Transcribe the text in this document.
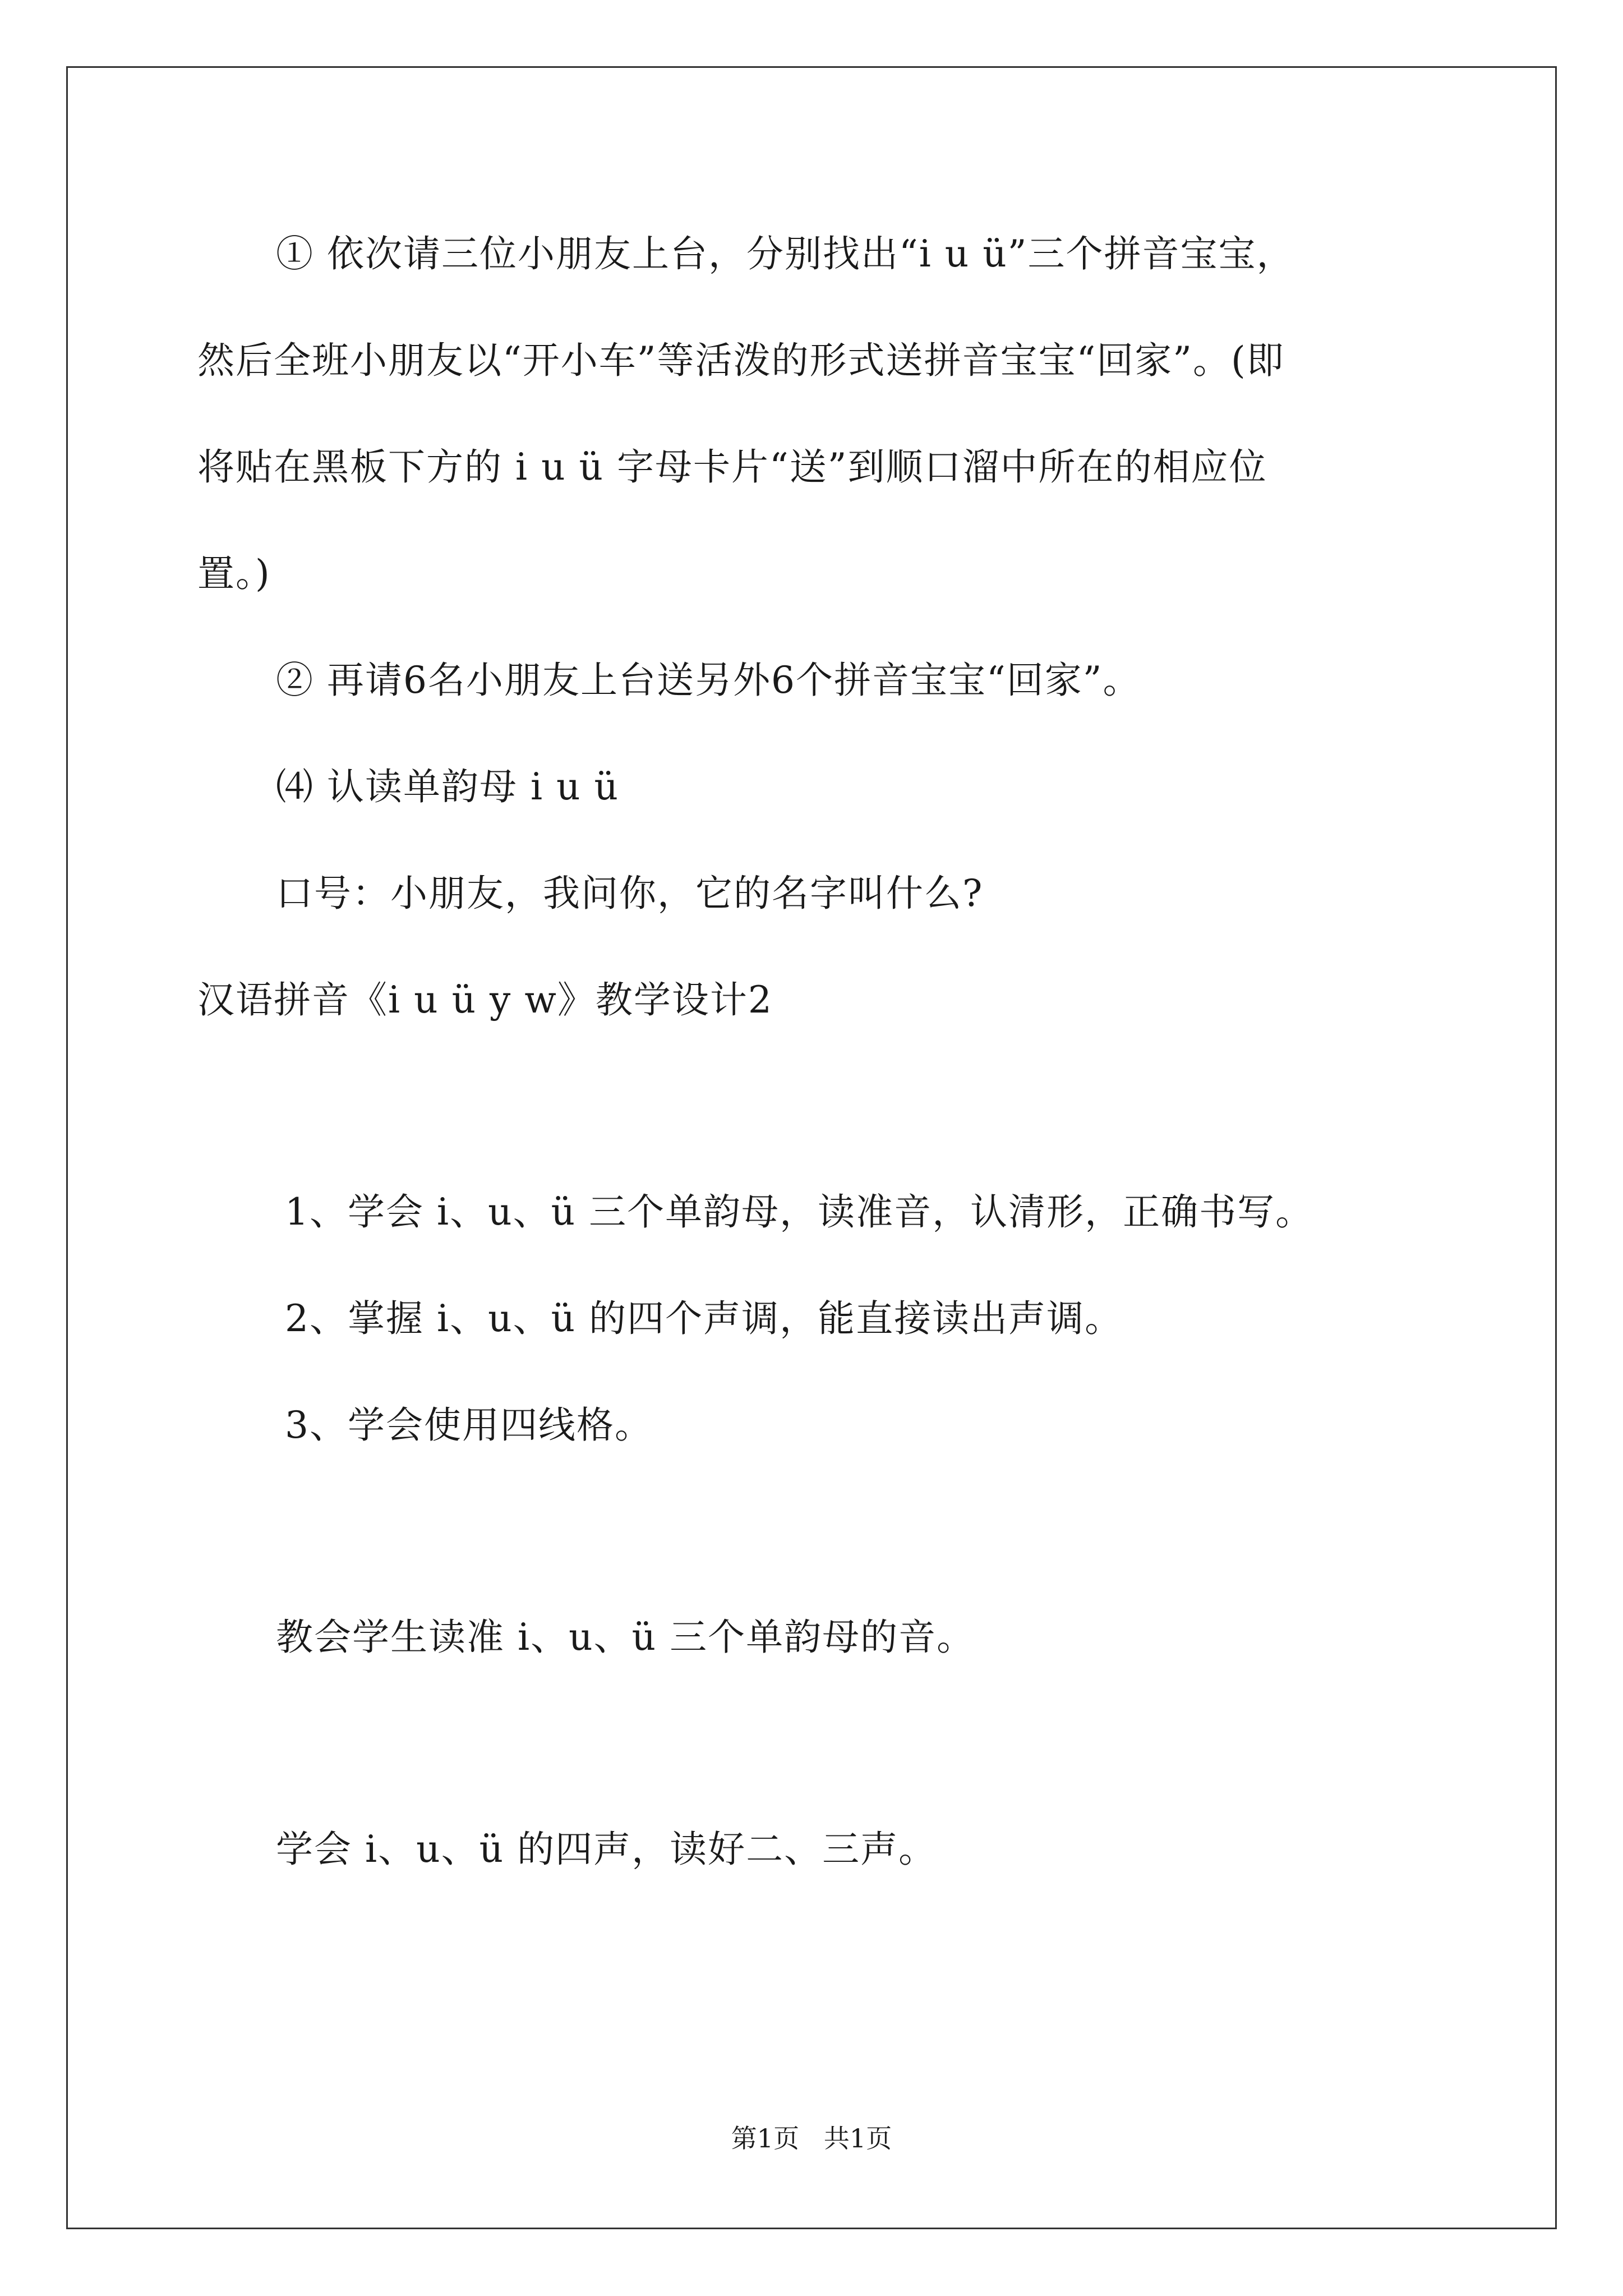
① 依次请三位小朋友上台，分别找出“i u ü”三个拼音宝宝，
然后全班小朋友以“开小车”等活泼的形式送拼音宝宝“回家”。(即
将贴在黑板下方的 i u ü 字母卡片“送”到顺口溜中所在的相应位
置。)
② 再请6名小朋友上台送另外6个拼音宝宝“回家”。
⑷ 认读单韵母 i u ü
口号：小朋友，我问你，它的名字叫什么?
汉语拼音《i u ü y w》教学设计2
1、学会 i、u、ü 三个单韵母，读准音，认清形，正确书写。
2、掌握 i、u、ü 的四个声调，能直接读出声调。
3、学会使用四线格。
教会学生读准 i、u、ü 三个单韵母的音。
学会 i、u、ü 的四声，读好二、三声。
第1页   共1页
